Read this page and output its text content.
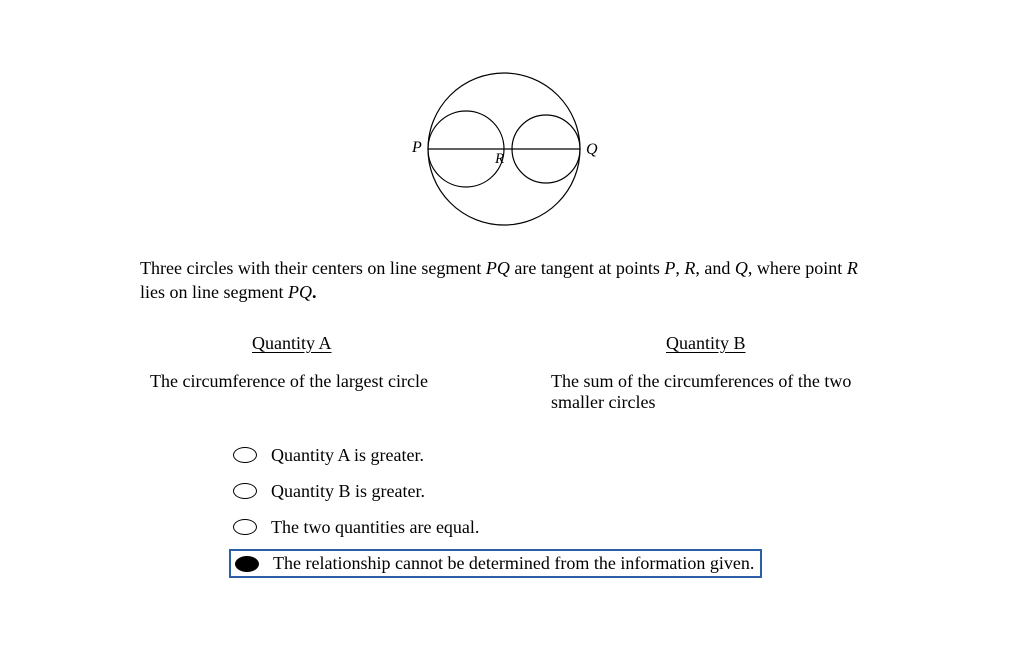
P
R
Q
Three circles with their centers on line segment PQ are tangent at points P, R, and Q, where point R lies on line segment PQ.
Quantity A	Quantity B
The circumference of the largest circle	The sum of the circumferences of the two smaller circles
Quantity A is greater.
Quantity B is greater.
The two quantities are equal.
The relationship cannot be determined from the information given.
